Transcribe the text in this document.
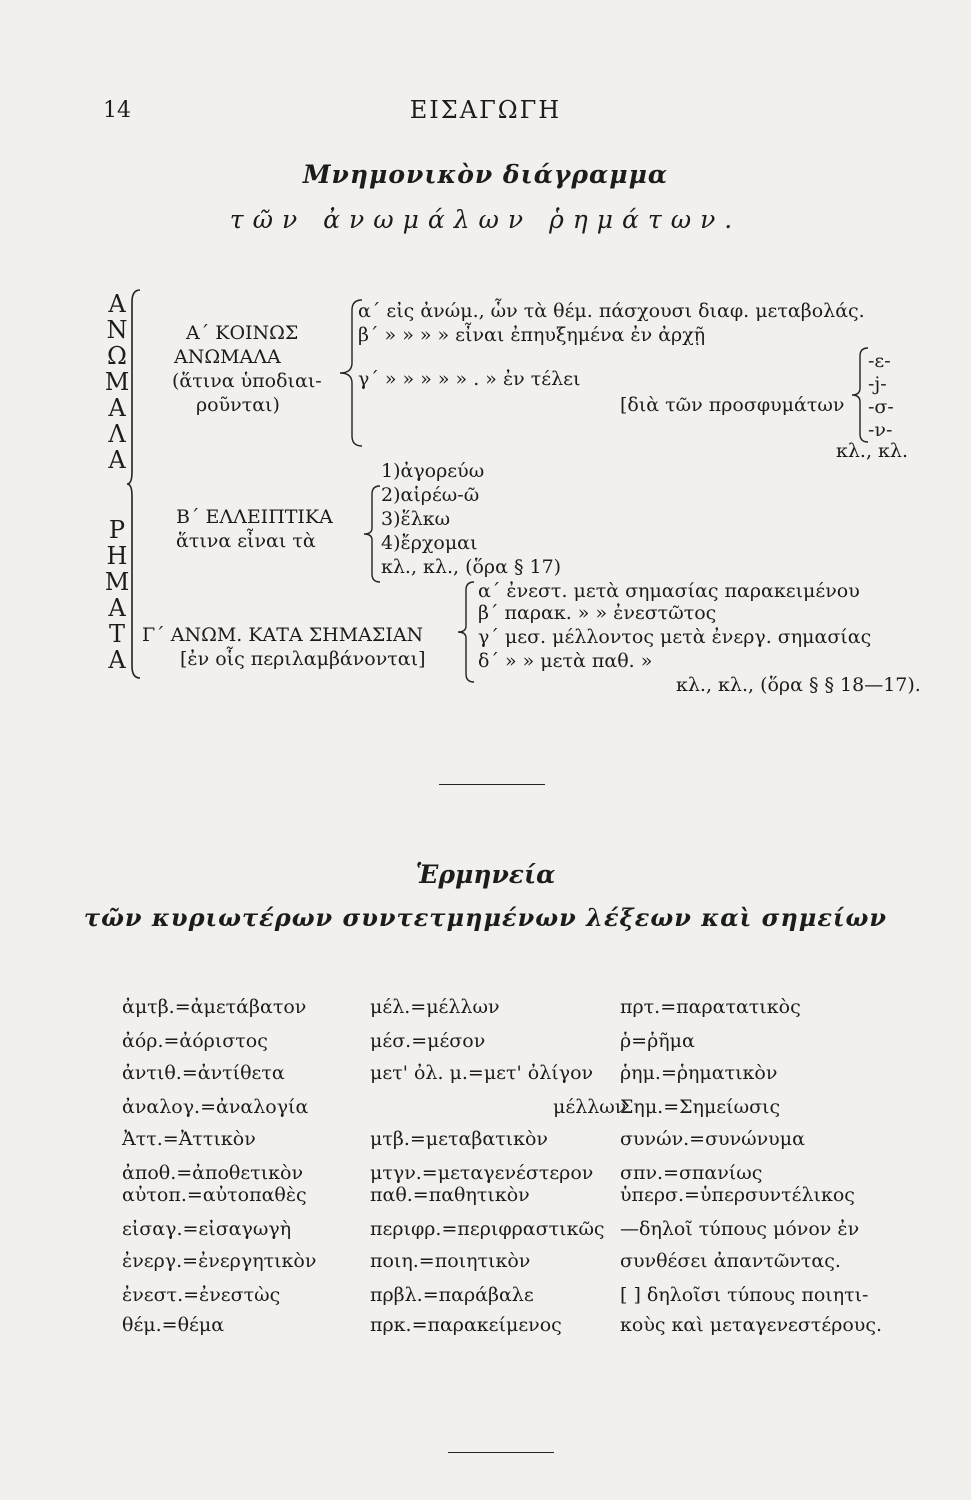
14	ΕΙΣΑΓΩΓΗ
Μνημονικὸν διάγραμμα
τῶν ἀνωμάλων ῥημάτων.
Α
Ν
Ω
Μ
Α
Λ
Α
Ρ
Η
Μ
Α
Τ
Α
Α΄ ΚΟΙΝΩΣ
ΑΝΩΜΑΛΑ
(ἅτινα ὑποδιαι-
ροῦνται)
α΄ εἰς ἀνώμ., ὧν τὰ θέμ. πάσχουσι διαφ. μεταβολάς.
β΄ » » » » εἶναι ἐπηυξημένα ἐν ἀρχῇ
γ΄ » » » » » . » ἐν τέλει
[διὰ τῶν προσφυμάτων
-ε-
-j-
-σ-
-ν-
κλ., κλ.
Β΄ ΕΛΛΕΙΠΤΙΚΑ
ἅτινα εἶναι τὰ
1)ἀγορεύω
2)αἱρέω-ῶ
3)ἕλκω
4)ἔρχομαι
κλ., κλ., (ὅρα § 17)
Γ΄ ΑΝΩΜ. ΚΑΤΑ ΣΗΜΑΣΙΑΝ
[ἐν οἷς περιλαμβάνονται]
α΄ ἐνεστ. μετὰ σημασίας παρακειμένου
β΄ παρακ. » » ἐνεστῶτος
γ΄ μεσ. μέλλοντος μετὰ ἐνεργ. σημασίας
δ΄ » » μετὰ παθ. »
κλ., κλ., (ὅρα § § 18—17).
Ἑρμηνεία
τῶν κυριωτέρων συντετμημένων λέξεων καὶ σημείων
ἀμτβ.=ἀμετάβατον
ἀόρ.=ἀόριστος
ἀντιθ.=ἀντίθετα
ἀναλογ.=ἀναλογία
Ἀττ.=Ἀττικὸν
ἀποθ.=ἀποθετικὸν
αὐτοπ.=αὐτοπαθὲς
εἰσαγ.=εἰσαγωγὴ
ἐνεργ.=ἐνεργητικὸν
ἐνεστ.=ἐνεστὼς
θέμ.=θέμα
μέλ.=μέλλων
μέσ.=μέσον
μετ' ὀλ. μ.=μετ' ὀλίγον
μέλλων
μτβ.=μεταβατικὸν
μτγν.=μεταγενέστερον
παθ.=παθητικὸν
περιφρ.=περιφραστικῶς
ποιη.=ποιητικὸν
πρβλ.=παράβαλε
πρκ.=παρακείμενος
πρτ.=παρατατικὸς
ῥ=ῥῆμα
ῥημ.=ῥηματικὸν
Σημ.=Σημείωσις
συνών.=συνώνυμα
σπν.=σπανίως
ὑπερσ.=ὑπερσυντέλικος
—δηλοῖ τύπους μόνον ἐν
συνθέσει ἀπαντῶντας.
[ ] δηλοῖσι τύπους ποιητι-
κοὺς καὶ μεταγενεστέρους.
